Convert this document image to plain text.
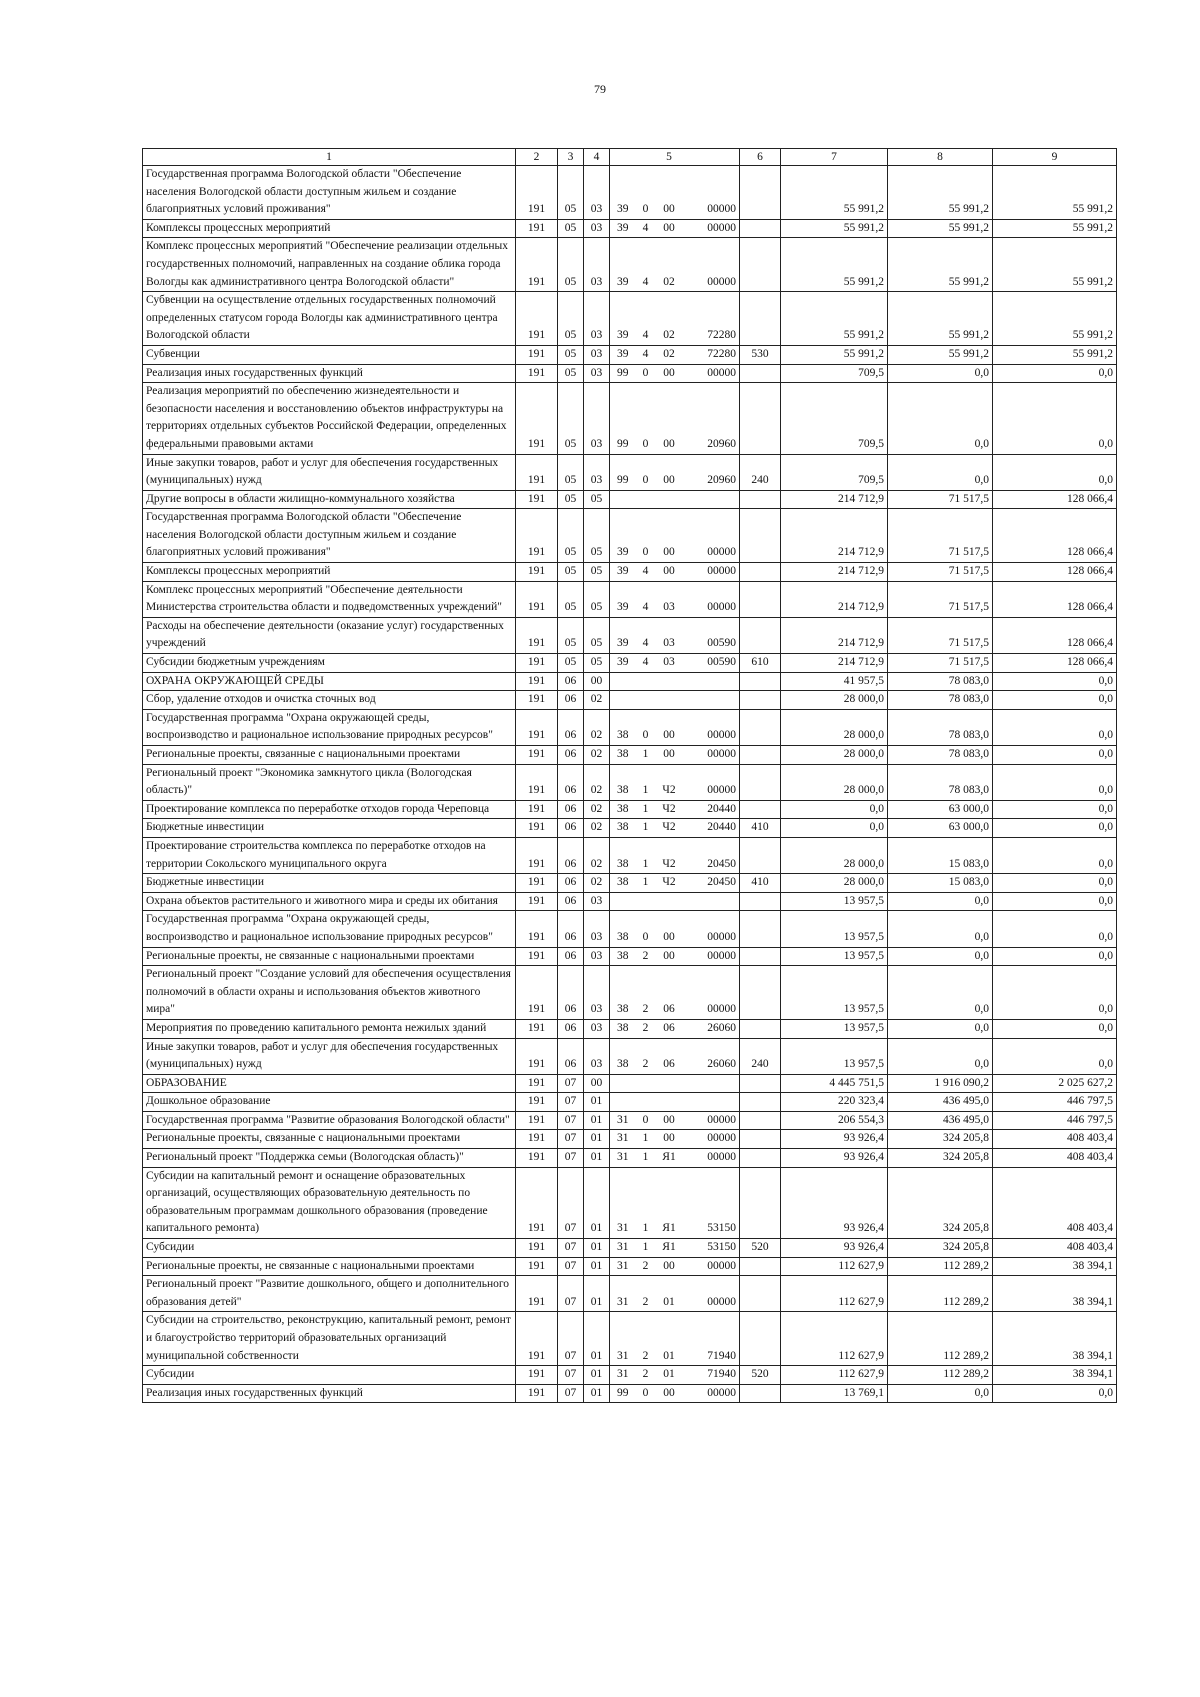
79
1	2	3	4			5		6	7	8	9
Государственная программа Вологодской области "Обеспечение населения Вологодской области доступным жильем и создание благоприятных условий проживания"	191	05	03	39	0	00	00000		55 991,2	55 991,2	55 991,2
Комплексы процессных мероприятий	191	05	03	39	4	00	00000		55 991,2	55 991,2	55 991,2
Комплекс процессных мероприятий "Обеспечение реализации отдельных государственных полномочий, направленных на создание облика города Вологды как административного центра Вологодской области"	191	05	03	39	4	02	00000		55 991,2	55 991,2	55 991,2
Субвенции на осуществление отдельных государственных полномочий определенных статусом города Вологды как административного центра Вологодской области	191	05	03	39	4	02	72280		55 991,2	55 991,2	55 991,2
Субвенции	191	05	03	39	4	02	72280	530	55 991,2	55 991,2	55 991,2
Реализация иных государственных функций	191	05	03	99	0	00	00000		709,5	0,0	0,0
Реализация мероприятий по обеспечению жизнедеятельности и безопасности населения и восстановлению объектов инфраструктуры на территориях отдельных субъектов Российской Федерации, определенных федеральными правовыми актами	191	05	03	99	0	00	20960		709,5	0,0	0,0
Иные закупки товаров, работ и услуг для обеспечения государственных (муниципальных) нужд	191	05	03	99	0	00	20960	240	709,5	0,0	0,0
Другие вопросы в области жилищно-коммунального хозяйства	191	05	05						214 712,9	71 517,5	128 066,4
Государственная программа Вологодской области "Обеспечение населения Вологодской области доступным жильем и создание благоприятных условий проживания"	191	05	05	39	0	00	00000		214 712,9	71 517,5	128 066,4
Комплексы процессных мероприятий	191	05	05	39	4	00	00000		214 712,9	71 517,5	128 066,4
Комплекс процессных мероприятий "Обеспечение деятельности Министерства строительства области и подведомственных учреждений"	191	05	05	39	4	03	00000		214 712,9	71 517,5	128 066,4
Расходы на обеспечение деятельности (оказание услуг) государственных учреждений	191	05	05	39	4	03	00590		214 712,9	71 517,5	128 066,4
Субсидии бюджетным учреждениям	191	05	05	39	4	03	00590	610	214 712,9	71 517,5	128 066,4
ОХРАНА ОКРУЖАЮЩЕЙ СРЕДЫ	191	06	00						41 957,5	78 083,0	0,0
Сбор, удаление отходов и очистка сточных вод	191	06	02						28 000,0	78 083,0	0,0
Государственная программа "Охрана окружающей среды, воспроизводство и рациональное использование природных ресурсов"	191	06	02	38	0	00	00000		28 000,0	78 083,0	0,0
Региональные проекты, связанные с национальными проектами	191	06	02	38	1	00	00000		28 000,0	78 083,0	0,0
Региональный проект "Экономика замкнутого цикла (Вологодская область)"	191	06	02	38	1	Ч2	00000		28 000,0	78 083,0	0,0
Проектирование комплекса по переработке отходов города Череповца	191	06	02	38	1	Ч2	20440		0,0	63 000,0	0,0
Бюджетные инвестиции	191	06	02	38	1	Ч2	20440	410	0,0	63 000,0	0,0
Проектирование строительства комплекса по переработке отходов на территории Сокольского муниципального округа	191	06	02	38	1	Ч2	20450		28 000,0	15 083,0	0,0
Бюджетные инвестиции	191	06	02	38	1	Ч2	20450	410	28 000,0	15 083,0	0,0
Охрана объектов растительного и животного мира и среды их обитания	191	06	03						13 957,5	0,0	0,0
Государственная программа "Охрана окружающей среды, воспроизводство и рациональное использование природных ресурсов"	191	06	03	38	0	00	00000		13 957,5	0,0	0,0
Региональные проекты, не связанные с национальными проектами	191	06	03	38	2	00	00000		13 957,5	0,0	0,0
Региональный проект "Создание условий для обеспечения осуществления полномочий в области охраны и использования объектов животного мира"	191	06	03	38	2	06	00000		13 957,5	0,0	0,0
Мероприятия по проведению капитального ремонта нежилых зданий	191	06	03	38	2	06	26060		13 957,5	0,0	0,0
Иные закупки товаров, работ и услуг для обеспечения государственных (муниципальных) нужд	191	06	03	38	2	06	26060	240	13 957,5	0,0	0,0
ОБРАЗОВАНИЕ	191	07	00						4 445 751,5	1 916 090,2	2 025 627,2
Дошкольное образование	191	07	01						220 323,4	436 495,0	446 797,5
Государственная программа "Развитие образования Вологодской области"	191	07	01	31	0	00	00000		206 554,3	436 495,0	446 797,5
Региональные проекты, связанные с национальными проектами	191	07	01	31	1	00	00000		93 926,4	324 205,8	408 403,4
Региональный проект "Поддержка семьи (Вологодская область)"	191	07	01	31	1	Я1	00000		93 926,4	324 205,8	408 403,4
Субсидии на капитальный ремонт и оснащение образовательных организаций, осуществляющих образовательную деятельность по образовательным программам дошкольного образования (проведение капитального ремонта)	191	07	01	31	1	Я1	53150		93 926,4	324 205,8	408 403,4
Субсидии	191	07	01	31	1	Я1	53150	520	93 926,4	324 205,8	408 403,4
Региональные проекты, не связанные с национальными проектами	191	07	01	31	2	00	00000		112 627,9	112 289,2	38 394,1
Региональный проект "Развитие дошкольного, общего и дополнительного образования детей"	191	07	01	31	2	01	00000		112 627,9	112 289,2	38 394,1
Субсидии на строительство, реконструкцию, капитальный ремонт, ремонт и благоустройство территорий образовательных организаций муниципальной собственности	191	07	01	31	2	01	71940		112 627,9	112 289,2	38 394,1
Субсидии	191	07	01	31	2	01	71940	520	112 627,9	112 289,2	38 394,1
Реализация иных государственных функций	191	07	01	99	0	00	00000		13 769,1	0,0	0,0
